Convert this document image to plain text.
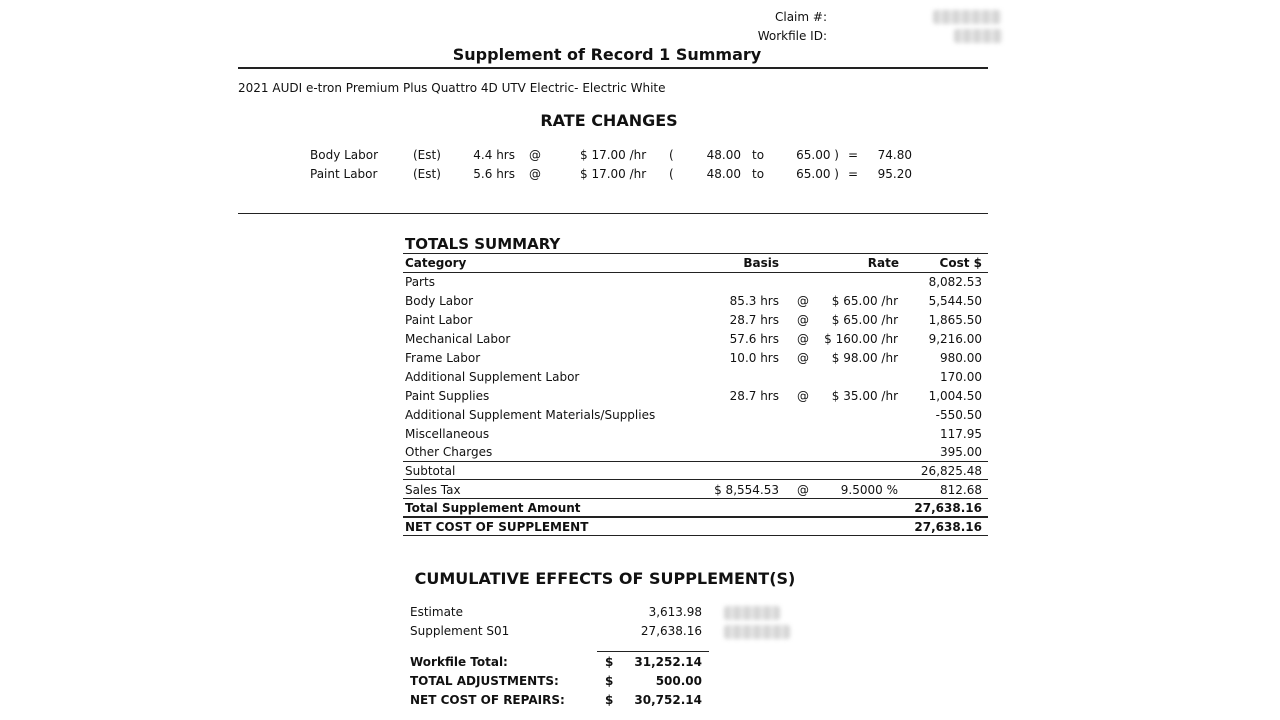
Claim #:
Workfile ID:
Supplement of Record 1 Summary
2021 AUDI e-tron Premium Plus Quattro 4D UTV Electric- Electric White
RATE CHANGES
Body Labor	(Est)	4.4 hrs @	$ 17.00 /hr (	48.00 to	65.00 ) =	74.80
Paint Labor	(Est)	5.6 hrs @	$ 17.00 /hr (	48.00 to	65.00 ) =	95.20
TOTALS SUMMARY
Category	Basis	Rate	Cost $
Parts	8,082.53
Body Labor	85.3 hrs @	$ 65.00 /hr	5,544.50
Paint Labor	28.7 hrs @	$ 65.00 /hr	1,865.50
Mechanical Labor	57.6 hrs @	$ 160.00 /hr	9,216.00
Frame Labor	10.0 hrs @	$ 98.00 /hr	980.00
Additional Supplement Labor	170.00
Paint Supplies	28.7 hrs @	$ 35.00 /hr	1,004.50
Additional Supplement Materials/Supplies	-550.50
Miscellaneous	117.95
Other Charges	395.00
Subtotal	26,825.48
Sales Tax	$ 8,554.53 @	9.5000 %	812.68
Total Supplement Amount	27,638.16
NET COST OF SUPPLEMENT	27,638.16
CUMULATIVE EFFECTS OF SUPPLEMENT(S)
Estimate	3,613.98
Supplement S01	27,638.16
Workfile Total:	$	31,252.14
TOTAL ADJUSTMENTS:	$	500.00
NET COST OF REPAIRS:	$	30,752.14
